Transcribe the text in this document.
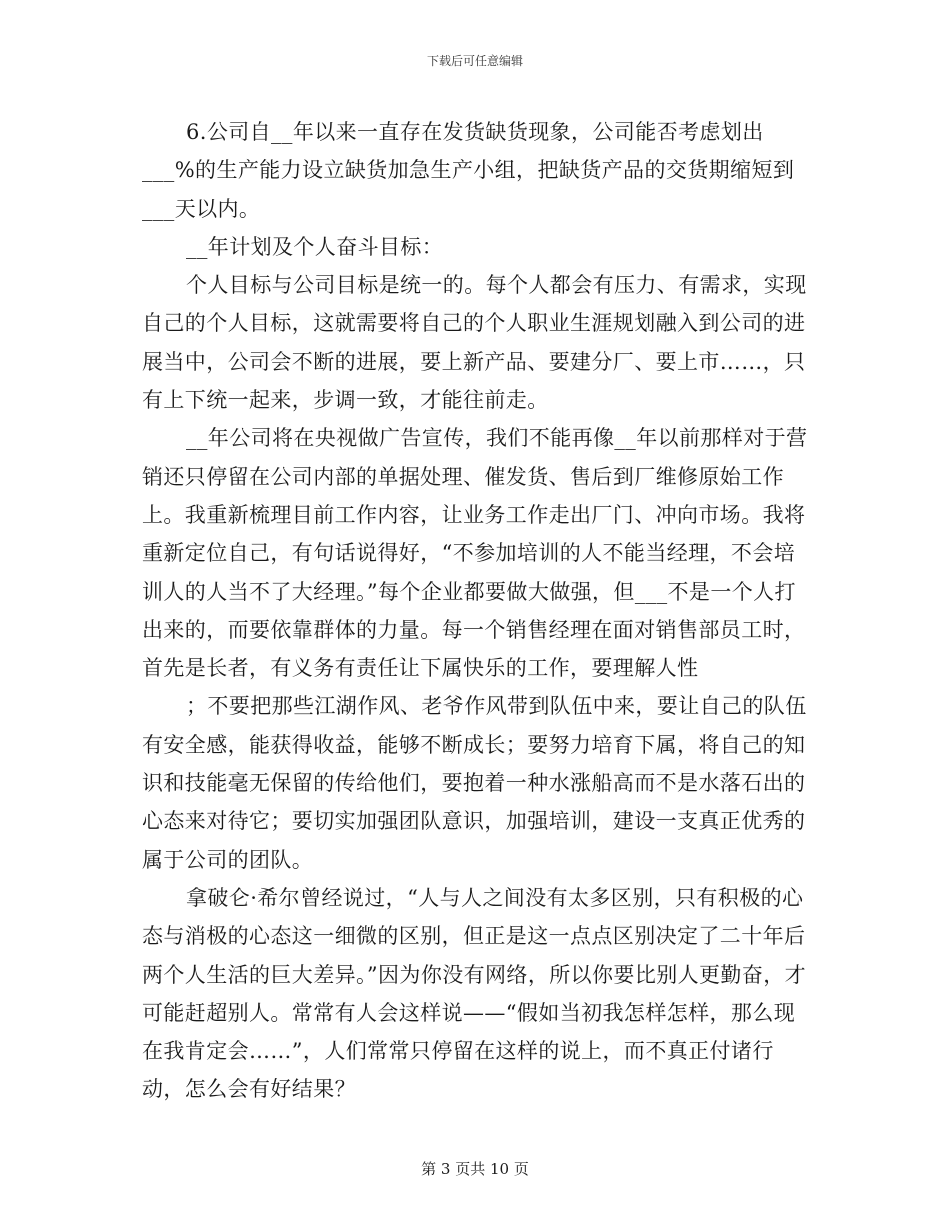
下载后可任意编辑

6.公司自__年以来一直存在发货缺货现象，公司能否考虑划出___%的生产能力设立缺货加急生产小组，把缺货产品的交货期缩短到___天以内。

__年计划及个人奋斗目标：

个人目标与公司目标是统一的。每个人都会有压力、有需求，实现自己的个人目标，这就需要将自己的个人职业生涯规划融入到公司的进展当中，公司会不断的进展，要上新产品、要建分厂、要上市……，只有上下统一起来，步调一致，才能往前走。

__年公司将在央视做广告宣传，我们不能再像__年以前那样对于营销还只停留在公司内部的单据处理、催发货、售后到厂维修原始工作上。我重新梳理目前工作内容，让业务工作走出厂门、冲向市场。我将重新定位自己，有句话说得好，“不参加培训的人不能当经理，不会培训人的人当不了大经理。”每个企业都要做大做强，但___不是一个人打出来的，而要依靠群体的力量。每一个销售经理在面对销售部员工时，首先是长者，有义务有责任让下属快乐的工作，要理解人性

；不要把那些江湖作风、老爷作风带到队伍中来，要让自己的队伍有安全感，能获得收益，能够不断成长；要努力培育下属，将自己的知识和技能毫无保留的传给他们，要抱着一种水涨船高而不是水落石出的心态来对待它；要切实加强团队意识，加强培训，建设一支真正优秀的属于公司的团队。

拿破仑·希尔曾经说过，“人与人之间没有太多区别，只有积极的心态与消极的心态这一细微的区别，但正是这一点点区别决定了二十年后两个人生活的巨大差异。”因为你没有网络，所以你要比别人更勤奋，才可能赶超别人。常常有人会这样说——“假如当初我怎样怎样，那么现在我肯定会……”，人们常常只停留在这样的说上，而不真正付诸行动，怎么会有好结果？

第 3 页共 10 页
